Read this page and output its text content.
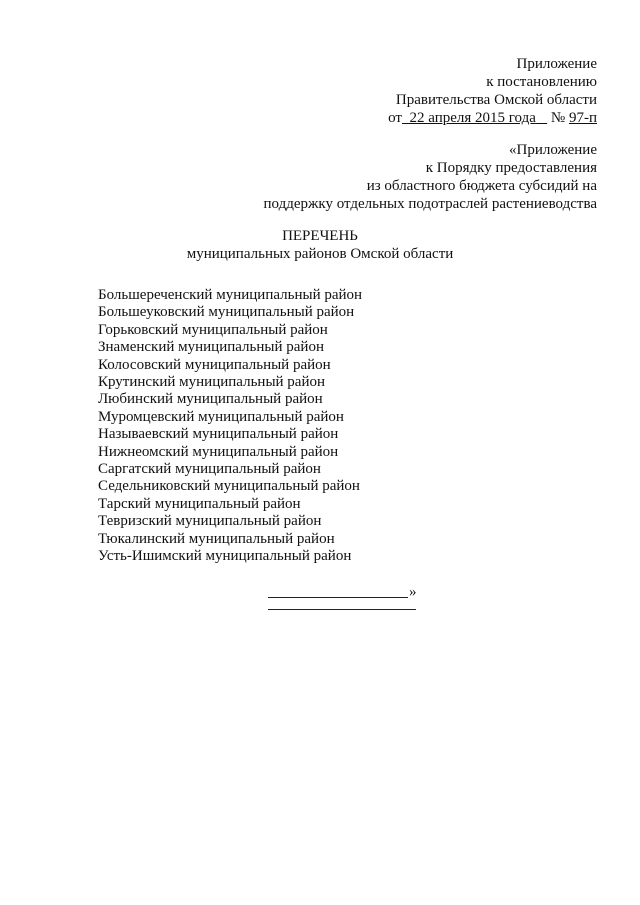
Приложение
к постановлению
Правительства Омской области
от 22 апреля 2015 года № 97-п
«Приложение
к Порядку предоставления
из областного бюджета субсидий на
поддержку отдельных подотраслей растениеводства
ПЕРЕЧЕНЬ
муниципальных районов Омской области
Большереченский муниципальный район
Большеуковский муниципальный район
Горьковский муниципальный район
Знаменский муниципальный район
Колосовский муниципальный район
Крутинский муниципальный район
Любинский муниципальный район
Муромцевский муниципальный район
Называевский муниципальный район
Нижнеомский муниципальный район
Саргатский муниципальный район
Седельниковский муниципальный район
Тарский муниципальный район
Тевризский муниципальный район
Тюкалинский муниципальный район
Усть-Ишимский муниципальный район
»
